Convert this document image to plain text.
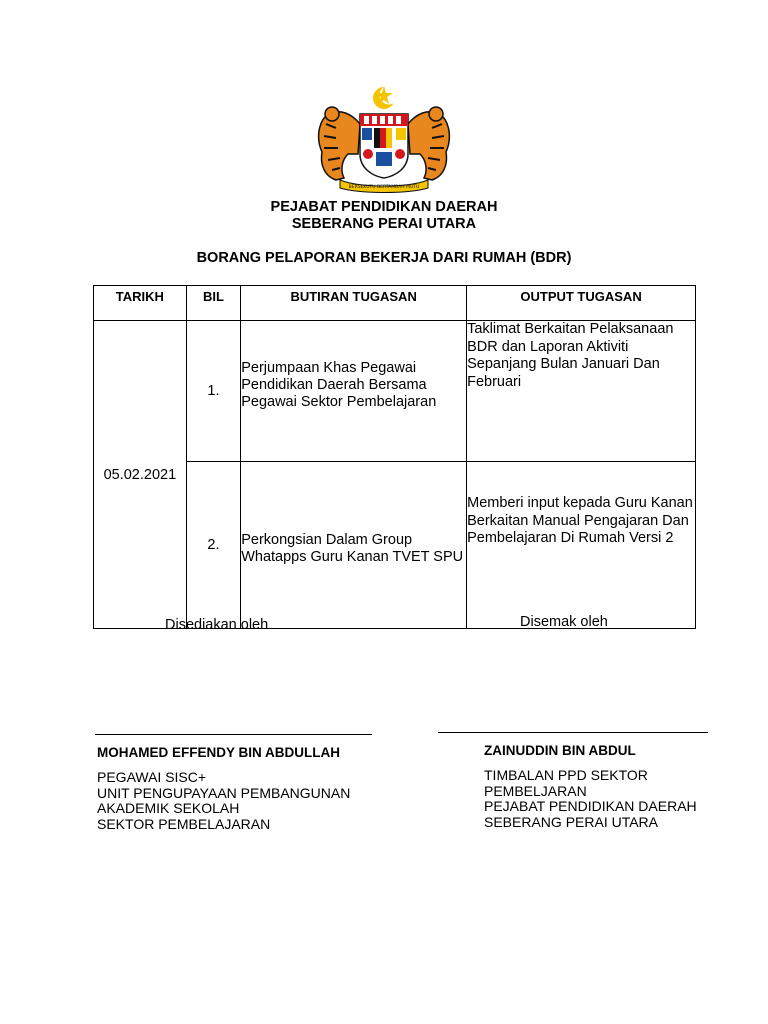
BERSEKUTU BERTAMBAH MUTU
PEJABAT PENDIDIKAN DAERAH
SEBERANG PERAI UTARA
BORANG PELAPORAN BEKERJA DARI RUMAH (BDR)
TARIKH	BIL	BUTIRAN TUGASAN	OUTPUT TUGASAN
05.02.2021	1.	Perjumpaan Khas Pegawai Pendidikan Daerah Bersama Pegawai Sektor Pembelajaran	Taklimat Berkaitan Pelaksanaan BDR dan Laporan Aktiviti Sepanjang Bulan Januari Dan Februari
	2.	Perkongsian Dalam Group Whatapps Guru Kanan TVET SPU	Memberi input kepada Guru Kanan Berkaitan Manual Pengajaran Dan Pembelajaran Di Rumah Versi 2
Disediakan oleh	Disemak oleh
MOHAMED EFFENDY BIN ABDULLAH	ZAINUDDIN BIN ABDUL
PEGAWAI SISC+
UNIT PENGUPAYAAN PEMBANGUNAN
AKADEMIK SEKOLAH
SEKTOR PEMBELAJARAN
TIMBALAN PPD SEKTOR
PEMBELJARAN
PEJABAT PENDIDIKAN DAERAH
SEBERANG PERAI UTARA
